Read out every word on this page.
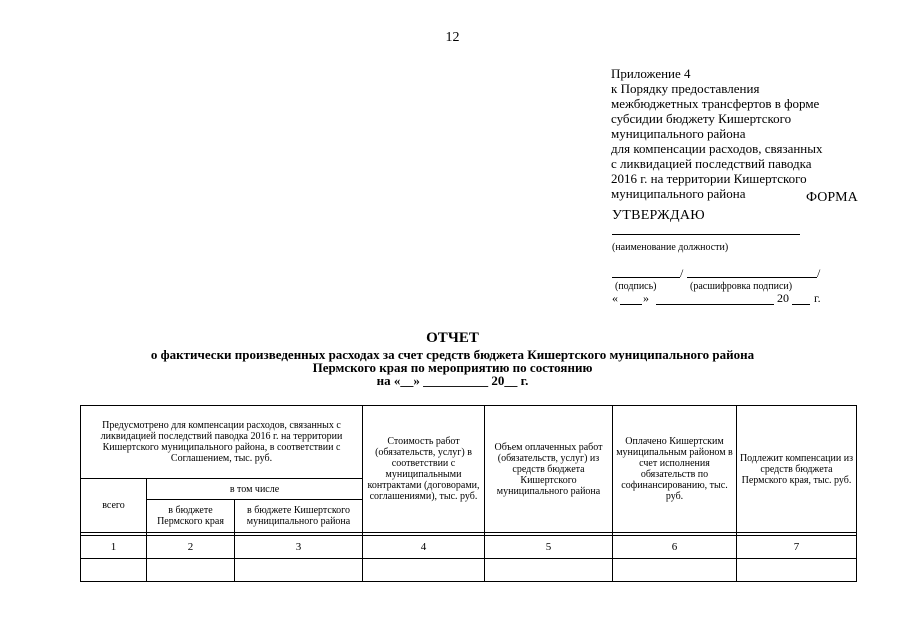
12
Приложение 4
к Порядку предоставления
межбюджетных трансфертов в форме
субсидии бюджету Кишертского
муниципального района
для компенсации расходов, связанных
с ликвидацией последствий паводка
2016 г. на территории Кишертского
муниципального района	ФОРМА
УТВЕРЖДАЮ
(наименование должности)
/	/
(подпись)	(расшифровка подписи)
« »	20 г.
ОТЧЕТ
о фактически произведенных расходах за счет средств бюджета Кишертского муниципального района
Пермского края по мероприятию по состоянию
на «__» __________ 20__ г.
Предусмотрено для компенсации расходов, связанных с ликвидацией последствий паводка 2016 г. на территории Кишертского муниципального района, в соответствии с Соглашением, тыс. руб.			Стоимость работ (обязательств, услуг) в соответствии с муниципальными контрактами (договорами, соглашениями), тыс. руб.	Объем оплаченных работ (обязательств, услуг) из средств бюджета Кишертского муниципального района	Оплачено Кишертским муниципальным районом в счет исполнения обязательств по софинансированию, тыс. руб.	Подлежит компенсации из средств бюджета Пермского края, тыс. руб.
всего	в том числе					
	в бюджете Пермского края	в бюджете Кишертского муниципального района				

1	2	3	4	5	6	7
